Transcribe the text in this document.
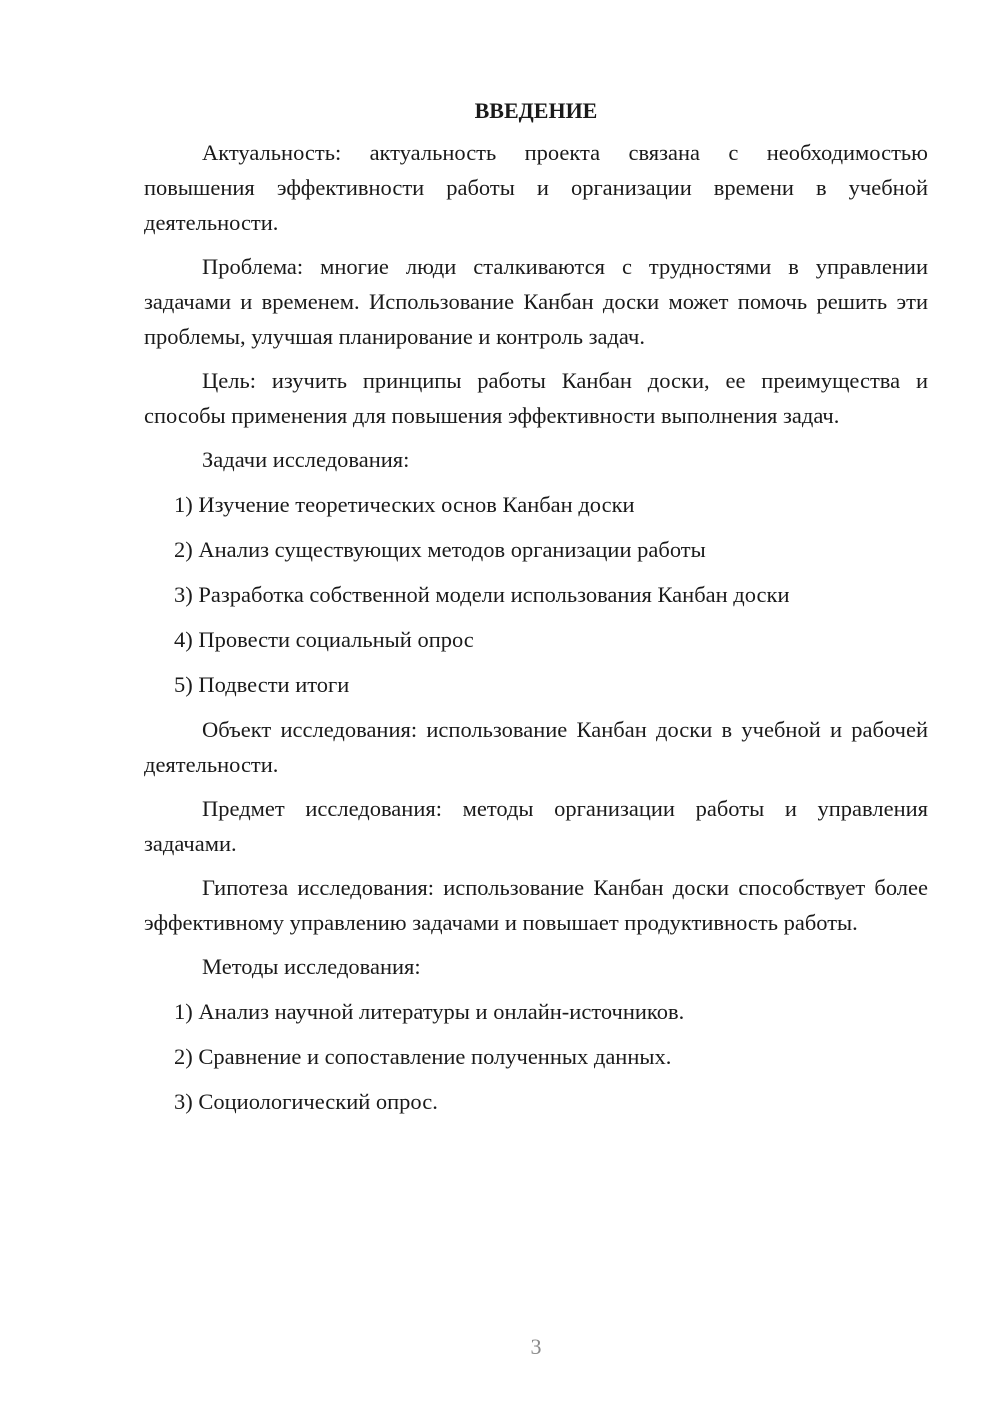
ВВЕДЕНИЕ

Актуальность: актуальность проекта связана с необходимостью повышения эффективности работы и организации времени в учебной деятельности.

Проблема: многие люди сталкиваются с трудностями в управлении задачами и временем. Использование Канбан доски может помочь решить эти проблемы, улучшая планирование и контроль задач.

Цель: изучить принципы работы Канбан доски, ее преимущества и способы применения для повышения эффективности выполнения задач.

Задачи исследования:

1) Изучение теоретических основ Канбан доски

2) Анализ существующих методов организации работы

3) Разработка собственной модели использования Канбан доски

4) Провести социальный опрос

5) Подвести итоги

Объект исследования: использование Канбан доски в учебной и рабочей деятельности.

Предмет исследования: методы организации работы и управления задачами.

Гипотеза исследования: использование Канбан доски способствует более эффективному управлению задачами и повышает продуктивность работы.

Методы исследования:

1) Анализ научной литературы и онлайн-источников.

2) Сравнение и сопоставление полученных данных.

3) Социологический опрос.

3
